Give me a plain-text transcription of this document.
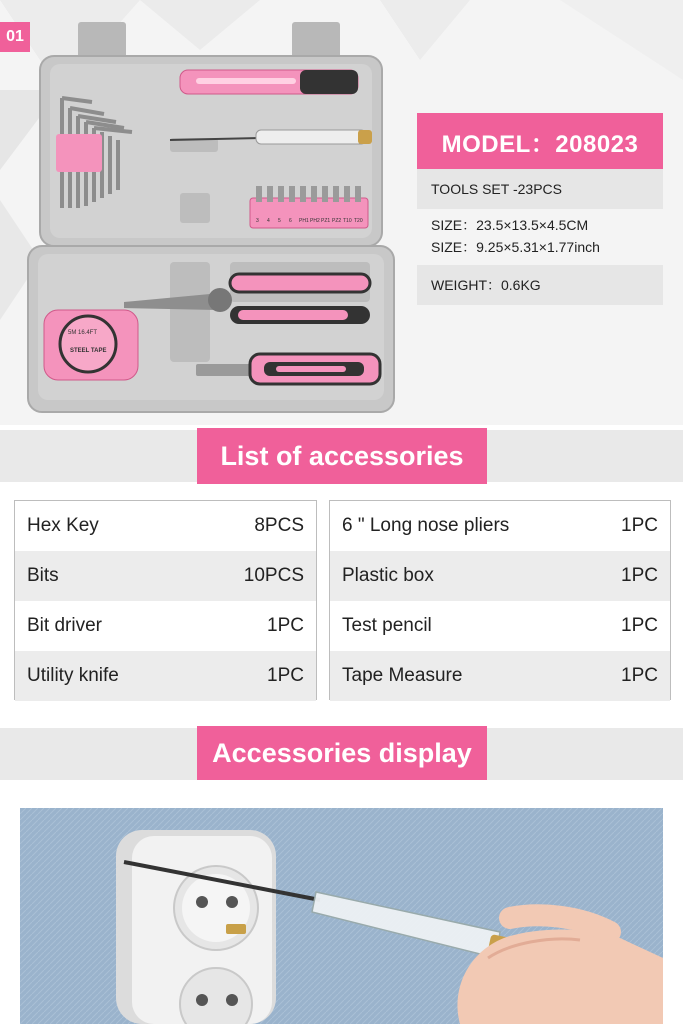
01
3 4 5 6 PH1 PH2 PZ1 PZ2 T10 T20
5M 16.4FT
STEEL TAPE
MODEL：208023
TOOLS SET -23PCS
SIZE：23.5×13.5×4.5CM
SIZE：9.25×5.31×1.77inch
WEIGHT：0.6KG
List of accessories
Hex Key	8PCS
Bits	10PCS
Bit driver	1PC
Utility knife	1PC
6 " Long nose pliers	1PC
Plastic box	1PC
Test pencil	1PC
Tape Measure	1PC
Accessories display
